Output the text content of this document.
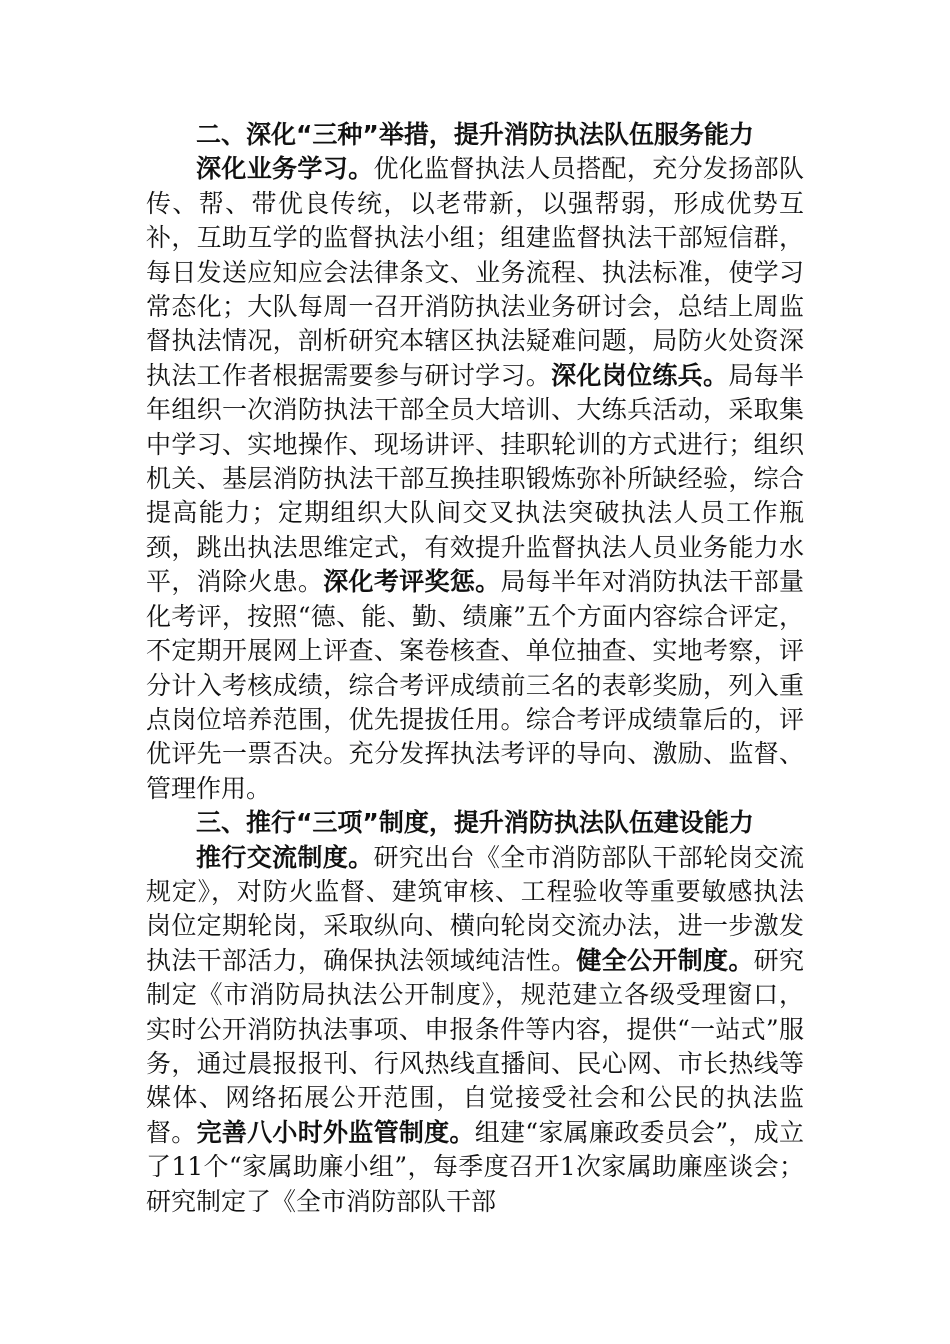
二、深化“三种”举措，提升消防执法队伍服务能力

深化业务学习。优化监督执法人员搭配，充分发扬部队传、帮、带优良传统，以老带新，以强帮弱，形成优势互补，互助互学的监督执法小组；组建监督执法干部短信群，每日发送应知应会法律条文、业务流程、执法标准，使学习常态化；大队每周一召开消防执法业务研讨会，总结上周监督执法情况，剖析研究本辖区执法疑难问题，局防火处资深执法工作者根据需要参与研讨学习。深化岗位练兵。局每半年组织一次消防执法干部全员大培训、大练兵活动，采取集中学习、实地操作、现场讲评、挂职轮训的方式进行；组织机关、基层消防执法干部互换挂职锻炼弥补所缺经验，综合提高能力；定期组织大队间交叉执法突破执法人员工作瓶颈，跳出执法思维定式，有效提升监督执法人员业务能力水平，消除火患。深化考评奖惩。局每半年对消防执法干部量化考评，按照“德、能、勤、绩廉”五个方面内容综合评定，不定期开展网上评查、案卷核查、单位抽查、实地考察，评分计入考核成绩，综合考评成绩前三名的表彰奖励，列入重点岗位培养范围，优先提拔任用。综合考评成绩靠后的，评优评先一票否决。充分发挥执法考评的导向、激励、监督、管理作用。

三、推行“三项”制度，提升消防执法队伍建设能力

推行交流制度。研究出台《全市消防部队干部轮岗交流规定》，对防火监督、建筑审核、工程验收等重要敏感执法岗位定期轮岗，采取纵向、横向轮岗交流办法，进一步激发执法干部活力，确保执法领域纯洁性。健全公开制度。研究制定《市消防局执法公开制度》，规范建立各级受理窗口，实时公开消防执法事项、申报条件等内容，提供“一站式”服务，通过晨报报刊、行风热线直播间、民心网、市长热线等媒体、网络拓展公开范围，自觉接受社会和公民的执法监督。完善八小时外监管制度。组建“家属廉政委员会”，成立了11个“家属助廉小组”，每季度召开1次家属助廉座谈会；研究制定了《全市消防部队干部
